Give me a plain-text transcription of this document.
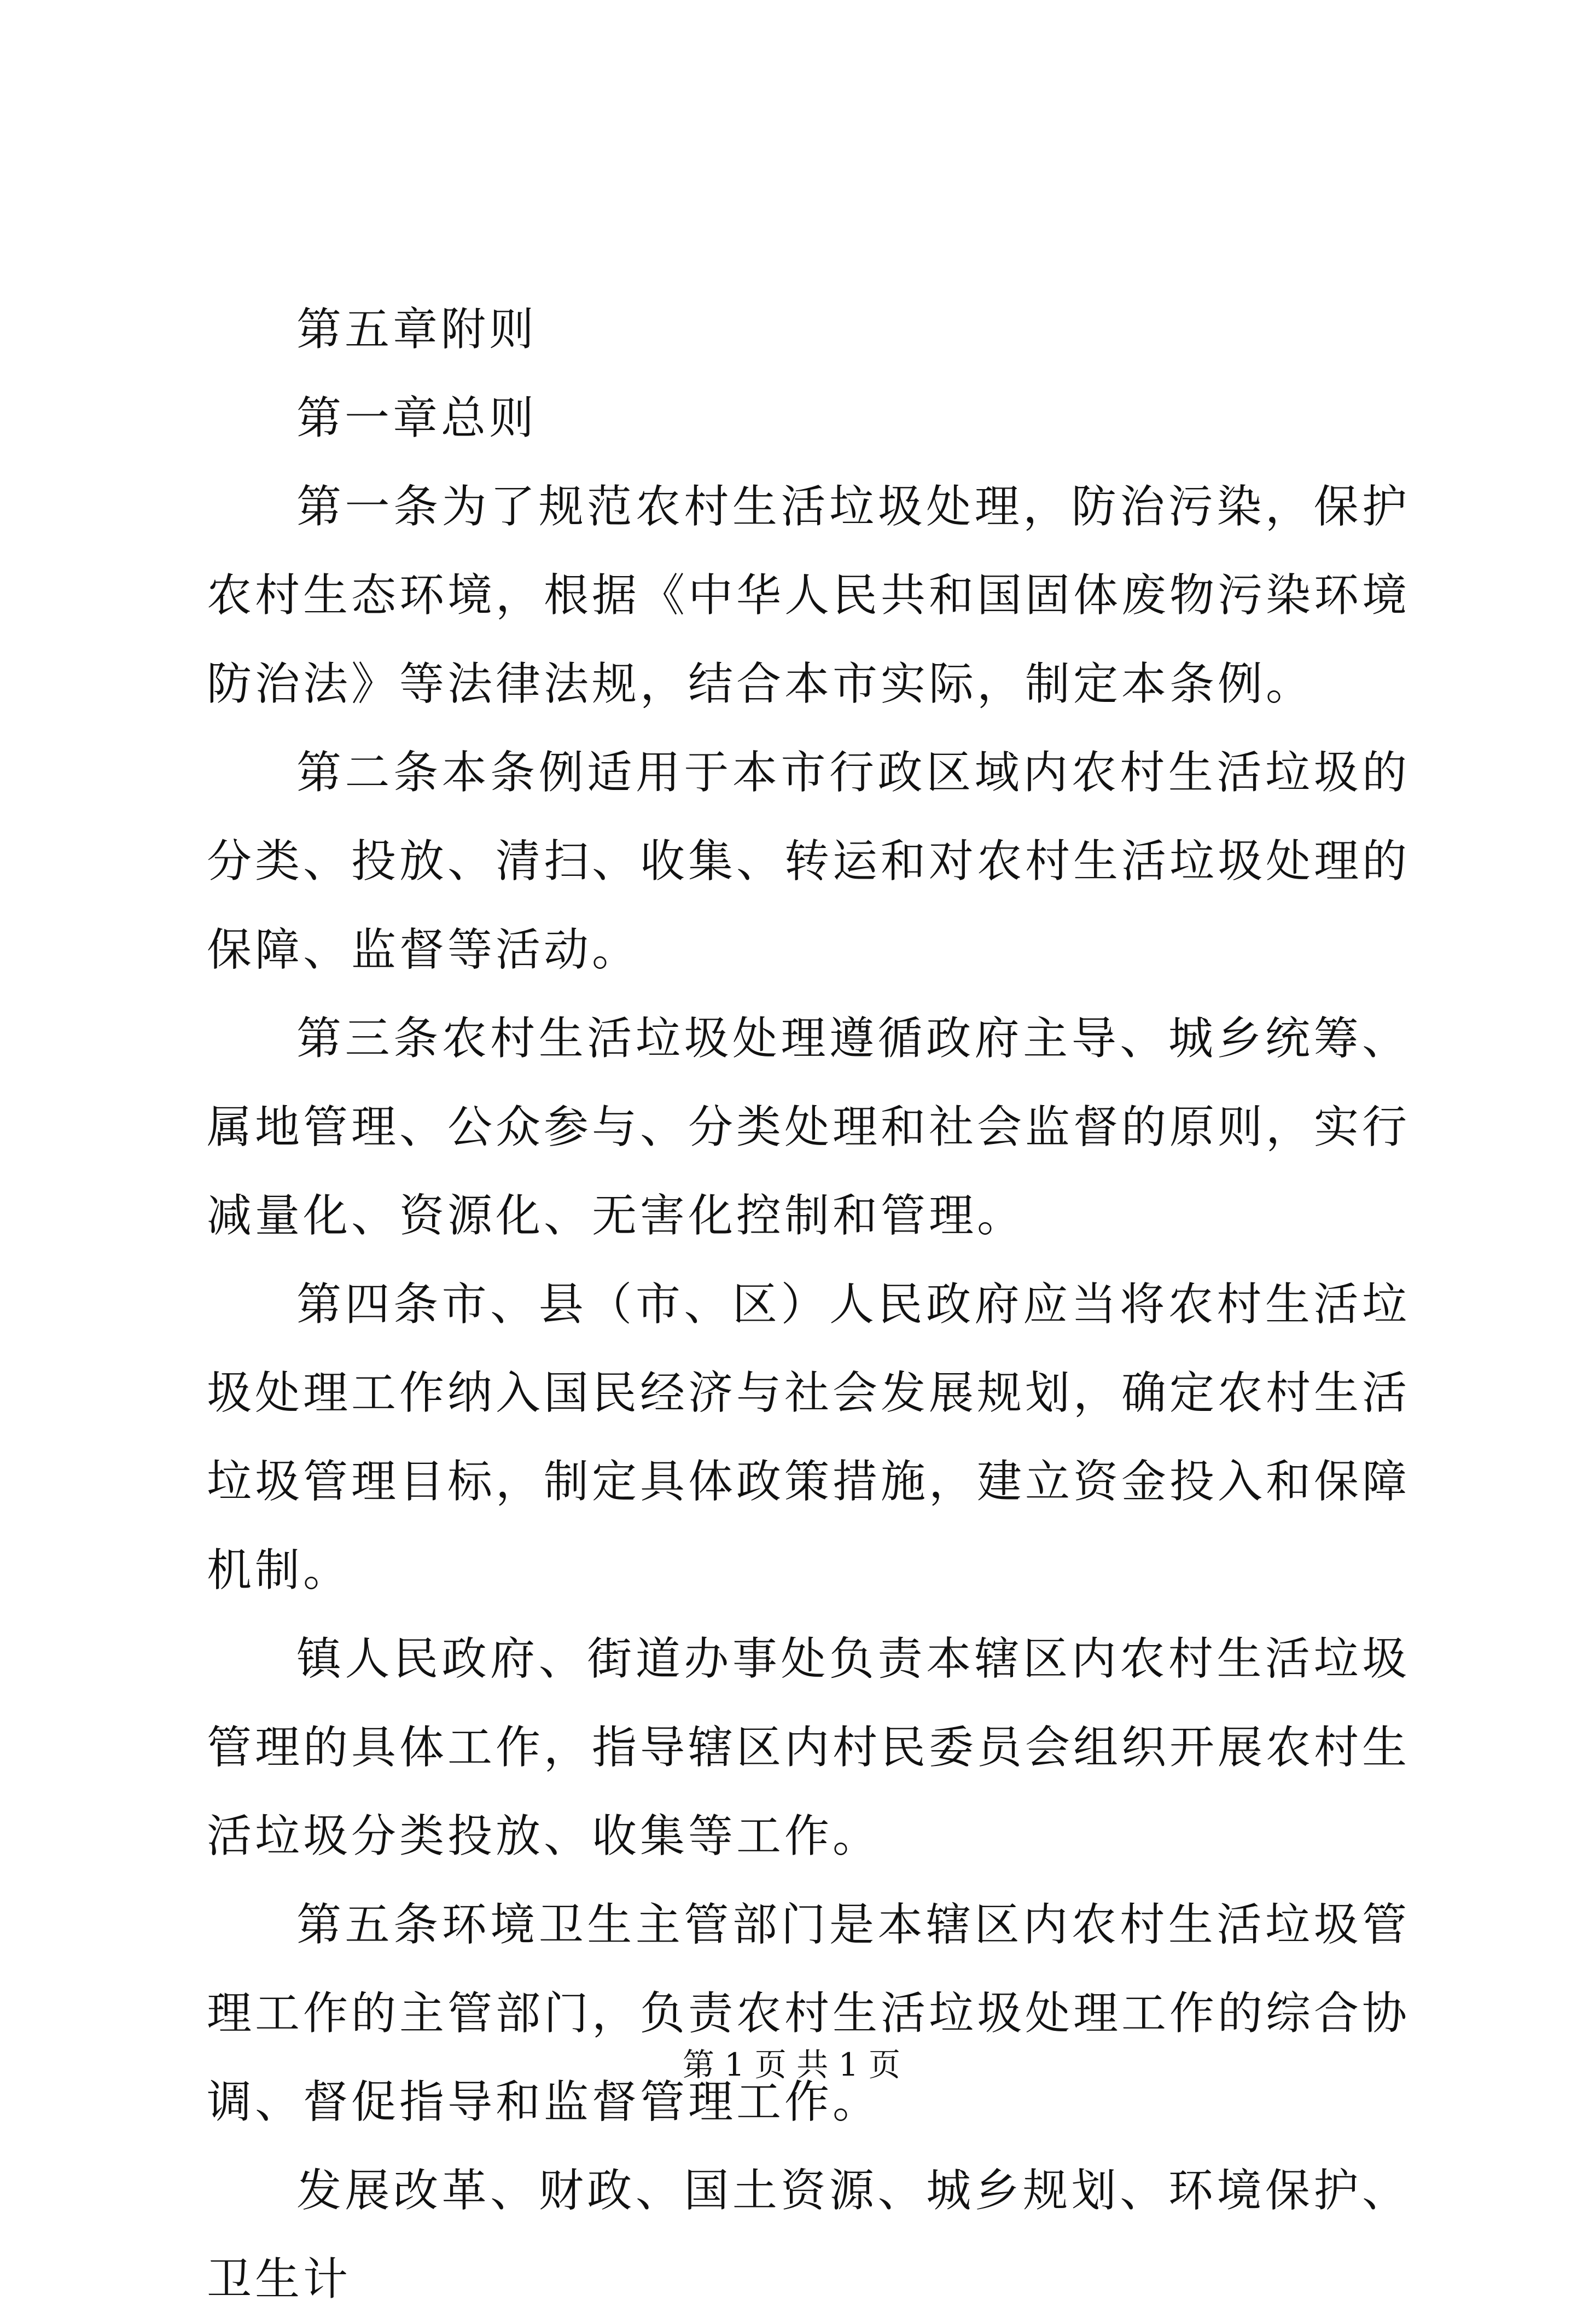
第五章附则

第一章总则

第一条为了规范农村生活垃圾处理，防治污染，保护农村生态环境，根据《中华人民共和国固体废物污染环境防治法》等法律法规，结合本市实际，制定本条例。

第二条本条例适用于本市行政区域内农村生活垃圾的分类、投放、清扫、收集、转运和对农村生活垃圾处理的保障、监督等活动。

第三条农村生活垃圾处理遵循政府主导、城乡统筹、属地管理、公众参与、分类处理和社会监督的原则，实行减量化、资源化、无害化控制和管理。

第四条市、县（市、区）人民政府应当将农村生活垃圾处理工作纳入国民经济与社会发展规划，确定农村生活垃圾管理目标，制定具体政策措施，建立资金投入和保障机制。

镇人民政府、街道办事处负责本辖区内农村生活垃圾管理的具体工作，指导辖区内村民委员会组织开展农村生活垃圾分类投放、收集等工作。

第五条环境卫生主管部门是本辖区内农村生活垃圾管理工作的主管部门，负责农村生活垃圾处理工作的综合协调、督促指导和监督管理工作。

发展改革、财政、国土资源、城乡规划、环境保护、卫生计

第 1 页 共 1 页
